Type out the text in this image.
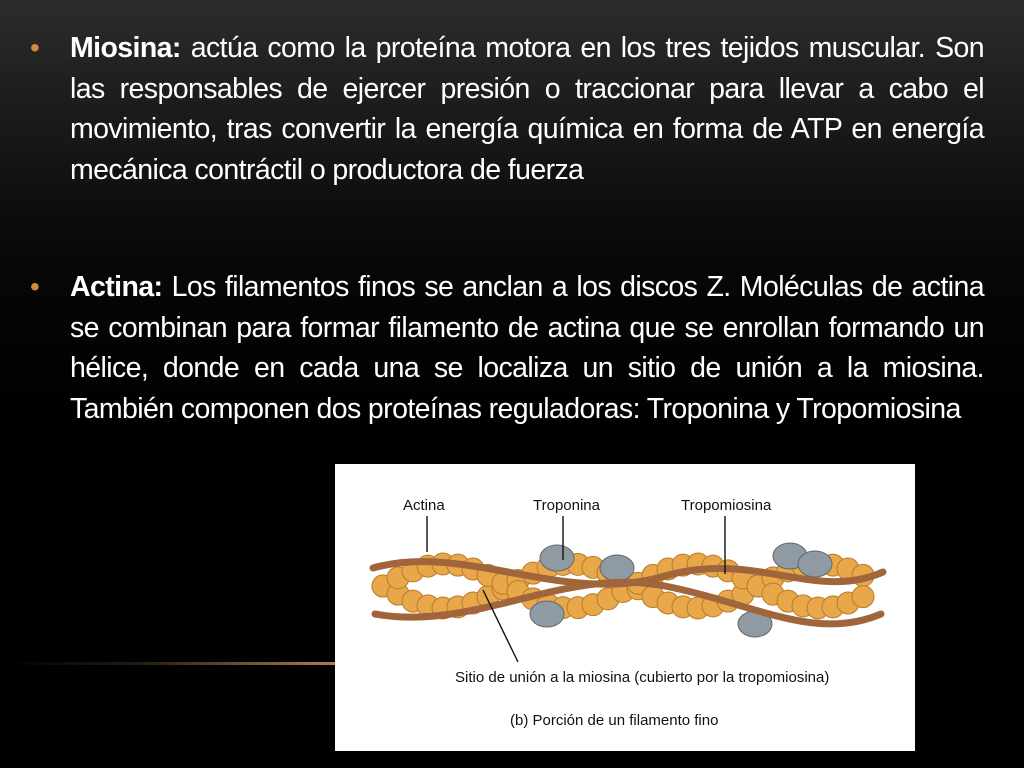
• Miosina: actúa como la proteína motora en los tres tejidos muscular. Son las responsables de ejercer presión o traccionar para llevar a cabo el movimiento, tras convertir la energía química en forma de ATP en energía mecánica contráctil o productora de fuerza
• Actina: Los filamentos finos se anclan a los discos Z. Moléculas de actina se combinan para formar filamento de actina que se enrollan formando un hélice, donde en cada una se localiza un sitio de unión a la miosina. También componen dos proteínas reguladoras: Troponina y Tropomiosina
Actina	Troponina	Tropomiosina
Sitio de unión a la miosina (cubierto por la tropomiosina)
(b) Porción de un filamento fino
